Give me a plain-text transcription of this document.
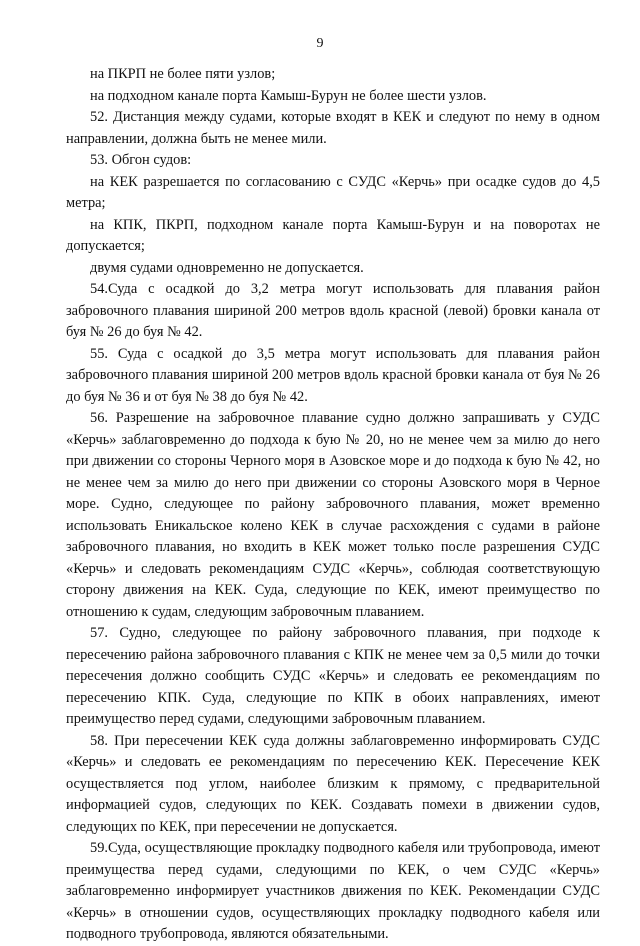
9

на ПКРП не более пяти узлов;

на подходном канале порта Камыш-Бурун не более шести узлов.

52. Дистанция между судами, которые входят в КЕК и следуют по нему в одном направлении, должна быть не менее мили.

53. Обгон судов:

на КЕК разрешается по согласованию с СУДС «Керчь» при осадке судов до 4,5 метра;

на КПК, ПКРП, подходном канале порта Камыш-Бурун и на поворотах не допускается;

двумя судами одновременно не допускается.

54.Суда с осадкой до 3,2 метра могут использовать для плавания район забровочного плавания шириной 200 метров вдоль красной (левой) бровки канала от буя № 26 до буя № 42.

55. Суда с осадкой до 3,5 метра могут использовать для плавания район забровочного плавания шириной 200 метров вдоль красной бровки канала от буя № 26 до буя № 36 и от буя № 38 до буя № 42.

56. Разрешение на забровочное плавание судно должно запрашивать у СУДС «Керчь» заблаговременно до подхода к бую № 20, но не менее чем за милю до него при движении со стороны Черного моря в Азовское море и до подхода к бую № 42, но не менее чем за милю до него при движении со стороны Азовского моря в Черное море. Судно, следующее по району забровочного плавания, может временно использовать Еникальское колено КЕК в случае расхождения с судами в районе забровочного плавания, но входить в КЕК может только после разрешения СУДС «Керчь» и следовать рекомендациям СУДС «Керчь», соблюдая соответствующую сторону движения на КЕК. Суда, следующие по КЕК, имеют преимущество по отношению к судам, следующим забровочным плаванием.

57. Судно, следующее по району забровочного плавания, при подходе к пересечению района забровочного плавания с КПК не менее чем за 0,5 мили до точки пересечения должно сообщить СУДС «Керчь» и следовать ее рекомендациям по пересечению КПК. Суда, следующие по КПК в обоих направлениях, имеют преимущество перед судами, следующими забровочным плаванием.

58. При пересечении КЕК суда должны заблаговременно информировать СУДС «Керчь» и следовать ее рекомендациям по пересечению КЕК. Пересечение КЕК осуществляется под углом, наиболее близким к прямому, с предварительной информацией судов, следующих по КЕК. Создавать помехи в движении судов, следующих по КЕК, при пересечении не допускается.

59.Суда, осуществляющие прокладку подводного кабеля или трубопровода, имеют преимущества перед судами, следующими по КЕК, о чем СУДС «Керчь» заблаговременно информирует участников движения по КЕК. Рекомендации СУДС «Керчь» в отношении судов, осуществляющих прокладку подводного кабеля или подводного трубопровода, являются обязательными.
